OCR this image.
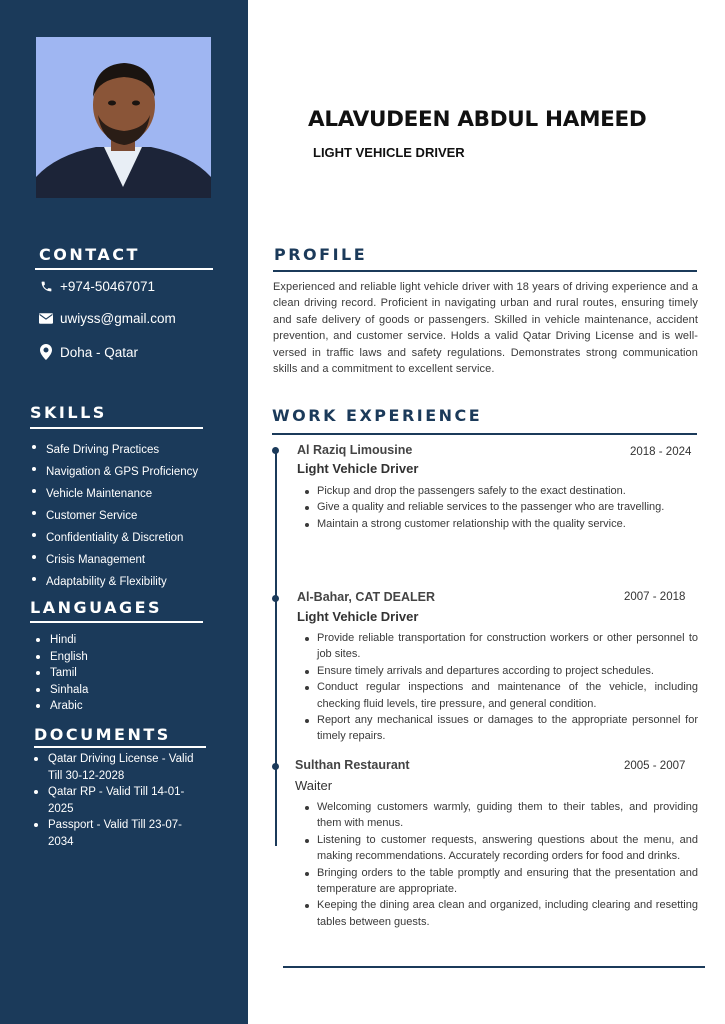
CONTACT
+974-50467071
uwiyss@gmail.com
Doha - Qatar
SKILLS
Safe Driving Practices
Navigation & GPS Proficiency
Vehicle Maintenance
Customer Service
Confidentiality & Discretion
Crisis Management
Adaptability & Flexibility
LANGUAGES
Hindi
English
Tamil
Sinhala
Arabic
DOCUMENTS
Qatar Driving License - Valid Till 30-12-2028
Qatar RP - Valid Till 14-01-2025
Passport - Valid Till 23-07-2034
ALAVUDEEN ABDUL HAMEED
LIGHT VEHICLE DRIVER
PROFILE
Experienced and reliable light vehicle driver with 18 years of driving experience and a clean driving record. Proficient in navigating urban and rural routes, ensuring timely and safe delivery of goods or passengers. Skilled in vehicle maintenance, accident prevention, and customer service. Holds a valid Qatar Driving License and is well-versed in traffic laws and safety regulations. Demonstrates strong communication skills and a commitment to excellent service.
WORK EXPERIENCE
Al Raziq Limousine	2018 - 2024
Light Vehicle Driver
Pickup and drop the passengers safely to the exact destination.
Give a quality and reliable services to the passenger who are travelling.
Maintain a strong customer relationship with the quality service.
Al-Bahar, CAT DEALER	2007 - 2018
Light Vehicle Driver
Provide reliable transportation for construction workers or other personnel to job sites.
Ensure timely arrivals and departures according to project schedules.
Conduct regular inspections and maintenance of the vehicle, including checking fluid levels, tire pressure, and general condition.
Report any mechanical issues or damages to the appropriate personnel for timely repairs.
Sulthan Restaurant	2005 - 2007
Waiter
Welcoming customers warmly, guiding them to their tables, and providing them with menus.
Listening to customer requests, answering questions about the menu, and making recommendations. Accurately recording orders for food and drinks.
Bringing orders to the table promptly and ensuring that the presentation and temperature are appropriate.
Keeping the dining area clean and organized, including clearing and resetting tables between guests.
